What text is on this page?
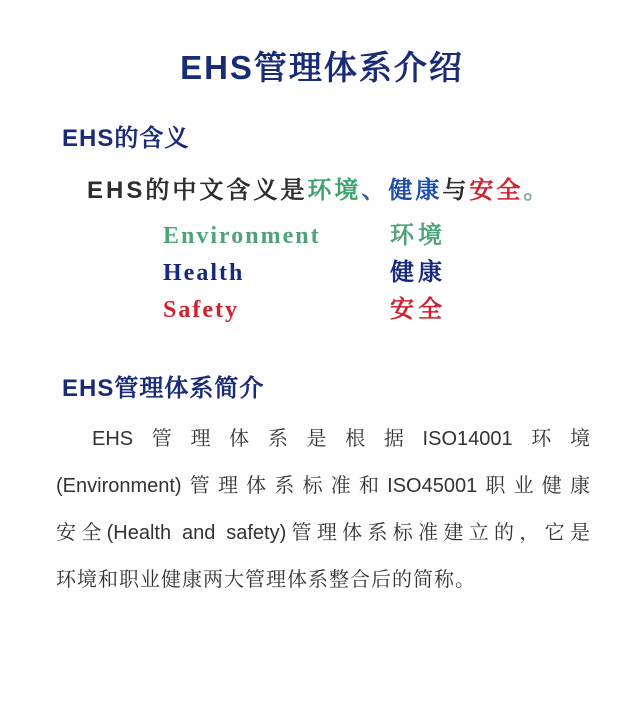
EHS管理体系介绍
EHS的含义
EHS的中文含义是环境、健康与安全。
Environment	环境
Health	健康
Safety	安全
EHS管理体系简介
EHS管理体系是根据ISO14001环境
(Environment)管理体系标准和ISO45001职业健康
安全(Health and safety)管理体系标准建立的，它是
环境和职业健康两大管理体系整合后的简称。
